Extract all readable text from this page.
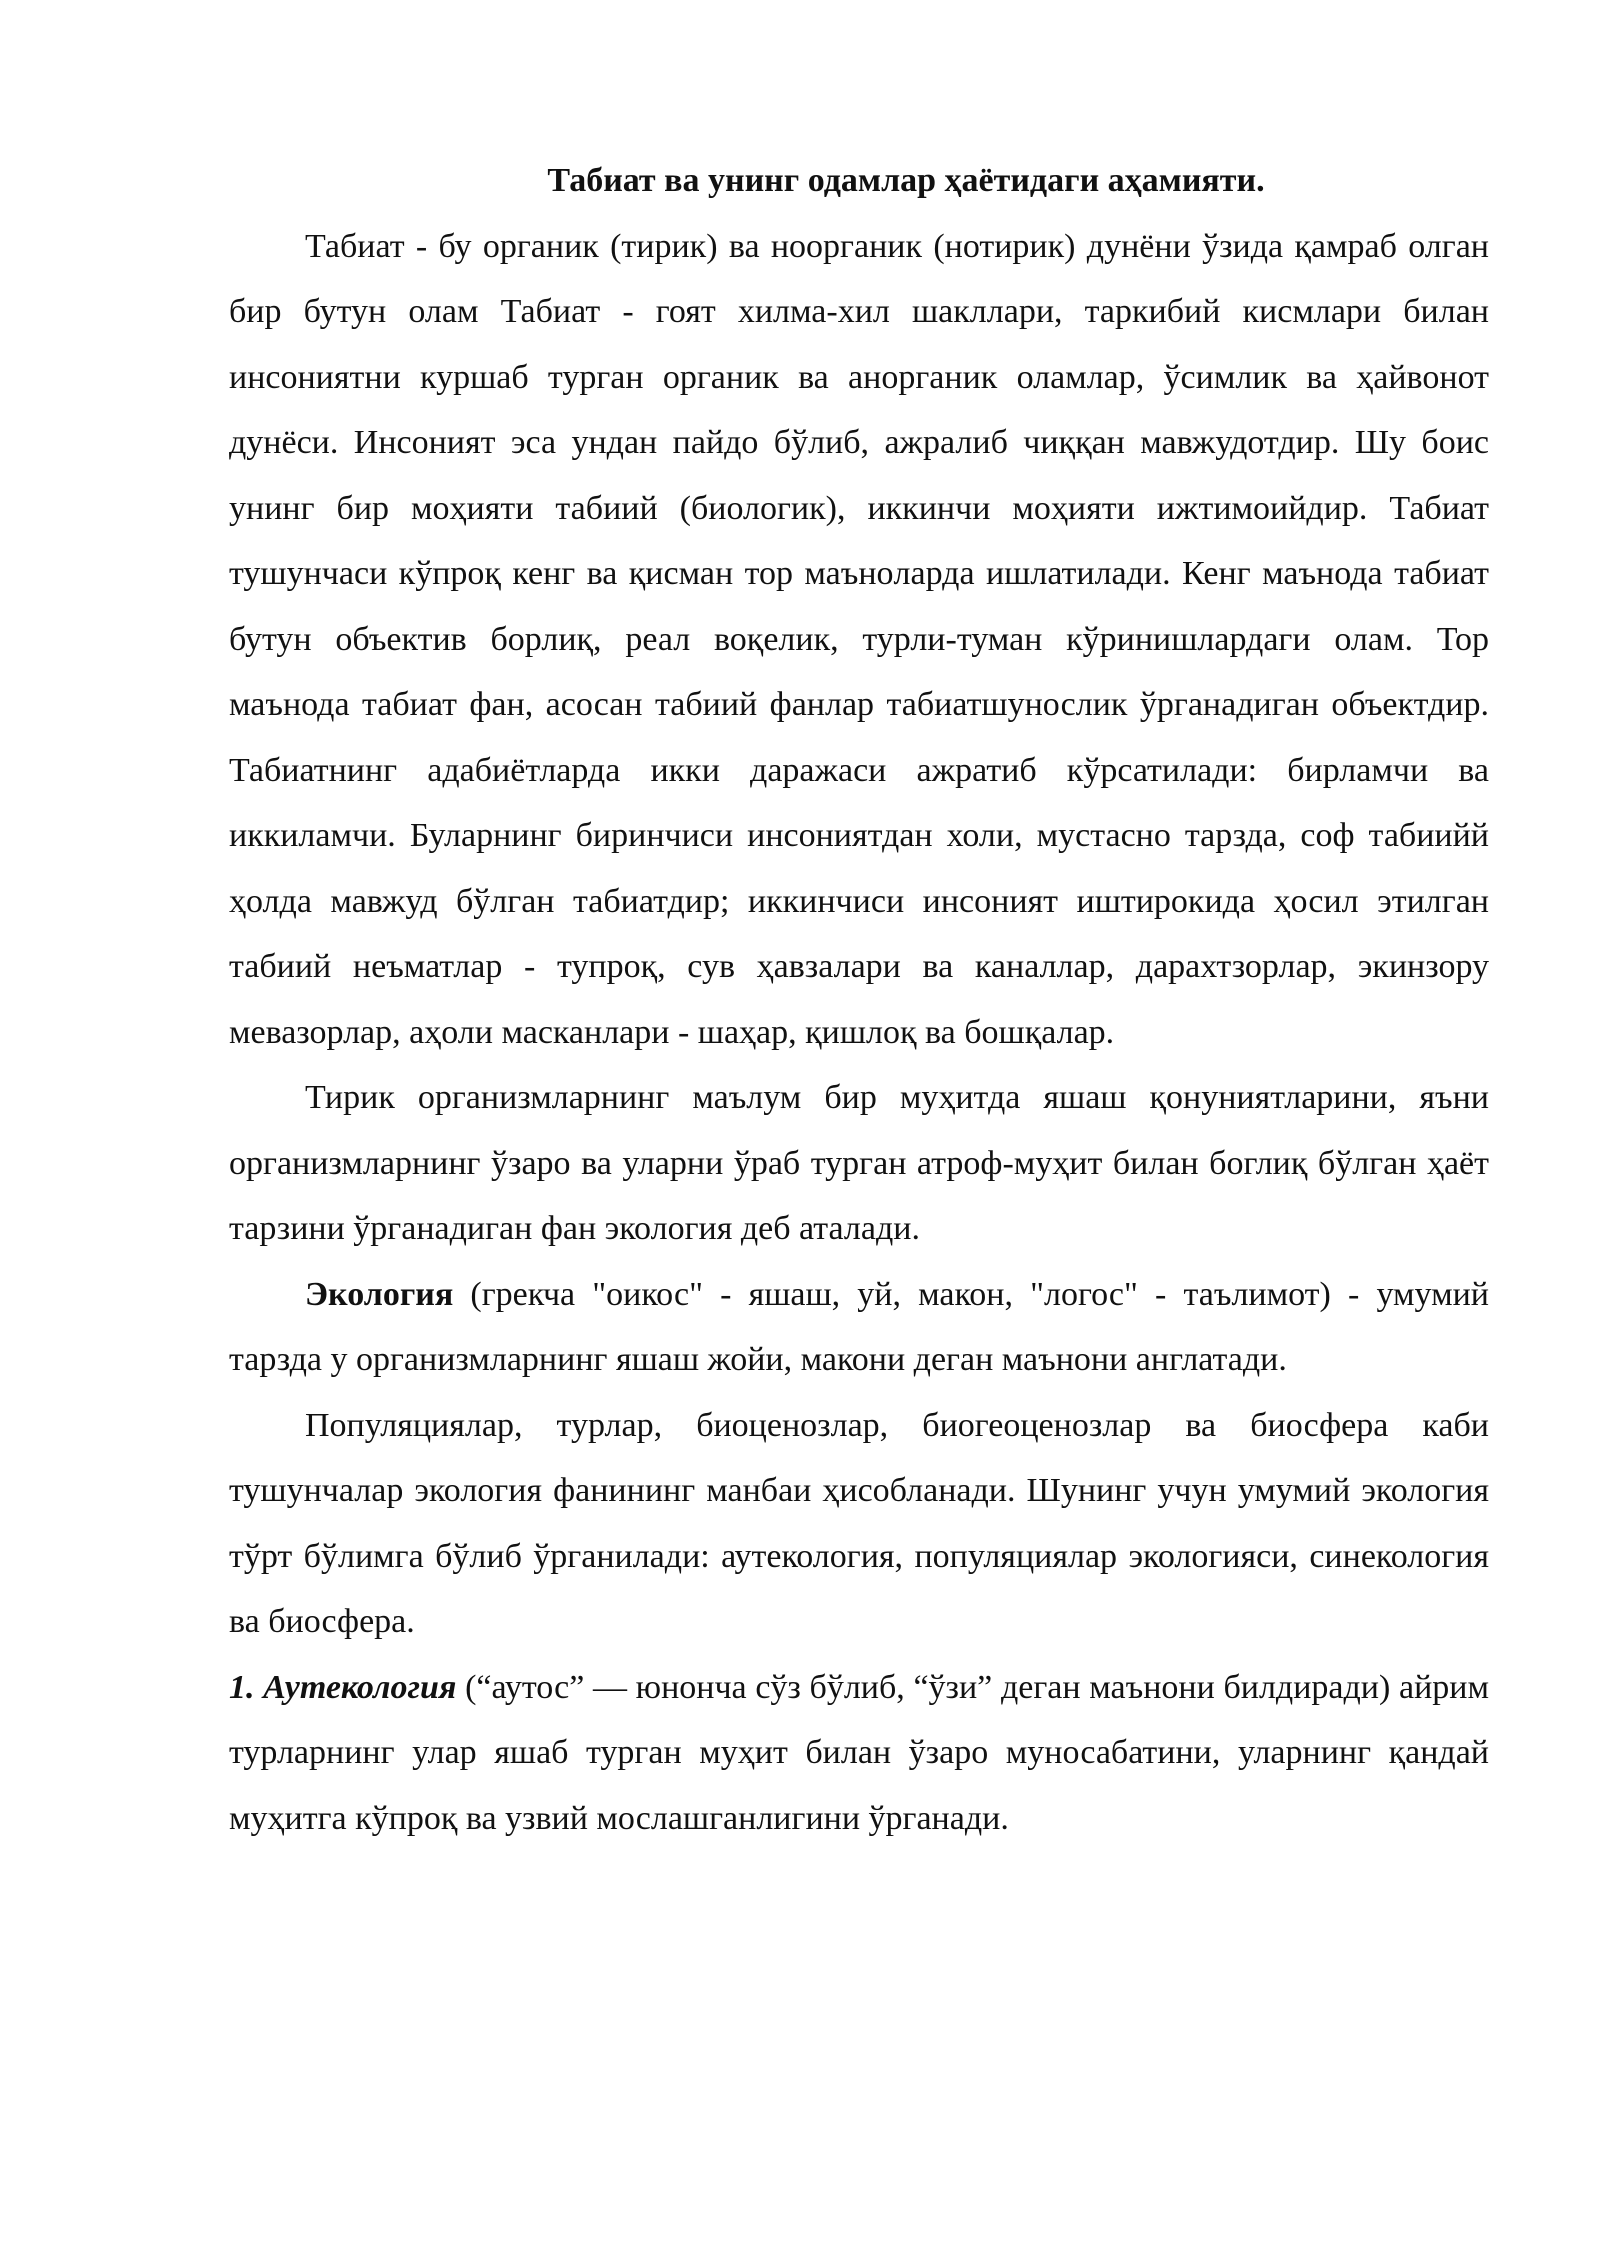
Табиат ва унинг одамлар ҳаётидаги аҳамияти.

Табиат - бу органик (тирик) ва ноорганик (нотирик) дунёни ўзида қамраб олган бир бутун олам Табиат - гоят хилма-хил шакллари, таркибий кисмлари билан инсониятни куршаб турган органик ва анорганик оламлар, ўсимлик ва ҳайвонот дунёси. Инсоният эса ундан пайдо бўлиб, ажралиб чиққан мавжудотдир. Шу боис унинг бир моҳияти табиий (биологик), иккинчи моҳияти ижтимоийдир. Табиат тушунчаси кўпроқ кенг ва қисман тор маънoларда ишлатилади. Кенг маънода табиат бутун объектив борлиқ, реал воқелик, турли-туман кўринишлардаги олам. Тор маънода табиат фан, асосан табиий фанлар табиатшунослик ўрганадиган объектдир. Табиатнинг адабиётларда икки даражаси ажратиб кўрсатилади: бирламчи ва иккиламчи. Буларнинг биринчиси инсониятдан холи, мустасно тарзда, соф табиийй ҳолда мавжуд бўлган табиатдир; иккинчиси инсоният иштирокида ҳосил этилган табиий неъматлар - тупроқ, сув ҳавзалари ва каналлар, дарахтзорлар, экинзору мевазорлар, аҳоли масканлари - шаҳар, қишлоқ ва бошқалар.

Тирик организмларнинг маълум бир муҳитда яшаш қонуниятларини, яъни организмларнинг ўзаро ва уларни ўраб турган атроф-муҳит билан боглиқ бўлган ҳаёт тарзини ўрганадиган фан экология деб аталади.

Экология (грекча "оикос" - яшаш, уй, макон, "логос" - таълимот) - умумий тарзда у организмларнинг яшаш жойи, макони деган маънони англатади.

Популяциялар, турлар, биоценозлар, биогеоценозлар ва биосфера каби тушунчалар экология фанининг манбаи ҳисобланади. Шунинг учун умумий экология тўрт бўлимга бўлиб ўрганилади: аутекология, популяциялар экологияси, синекология ва биосфера.

1. Аутекология (“аутос” — юнонча сўз бўлиб, “ўзи” деган маънони билдиради) айрим турларнинг улар яшаб турган муҳит билан ўзаро муносабатини, уларнинг қандай муҳитга кўпроқ ва узвий мослашганлигини ўрганади.
